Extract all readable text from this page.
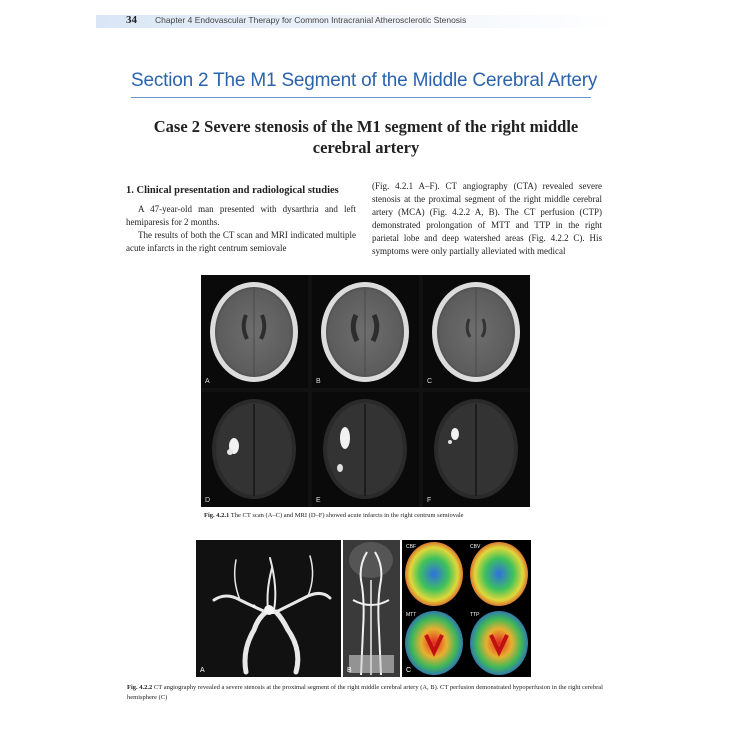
34 Chapter 4 Endovascular Therapy for Common Intracranial Atherosclerotic Stenosis
Section 2 The M1 Segment of the Middle Cerebral Artery
Case 2 Severe stenosis of the M1 segment of the right middle cerebral artery
1. Clinical presentation and radiological studies

A 47-year-old man presented with dysarthria and left hemiparesis for 2 months.

The results of both the CT scan and MRI indicated multiple acute infarcts in the right centrum semiovale

(Fig. 4.2.1 A–F). CT angiography (CTA) revealed severe stenosis at the proximal segment of the right middle cerebral artery (MCA) (Fig. 4.2.2 A, B). The CT perfusion (CTP) demonstrated prolongation of MTT and TTP in the right parietal lobe and deep watershed areas (Fig. 4.2.2 C). His symptoms were only partially alleviated with medical

A	B	C
D	E	F
Fig. 4.2.1 The CT scan (A–C) and MRI (D–F) showed acute infarcts in the right centrum semiovale
A	B
CBF	CBV
MTT	TTP
C
Fig. 4.2.2 CT angiography revealed a severe stenosis at the proximal segment of the right middle cerebral artery (A, B). CT perfusion demonstrated hypoperfusion in the right cerebral hemisphere (C)
